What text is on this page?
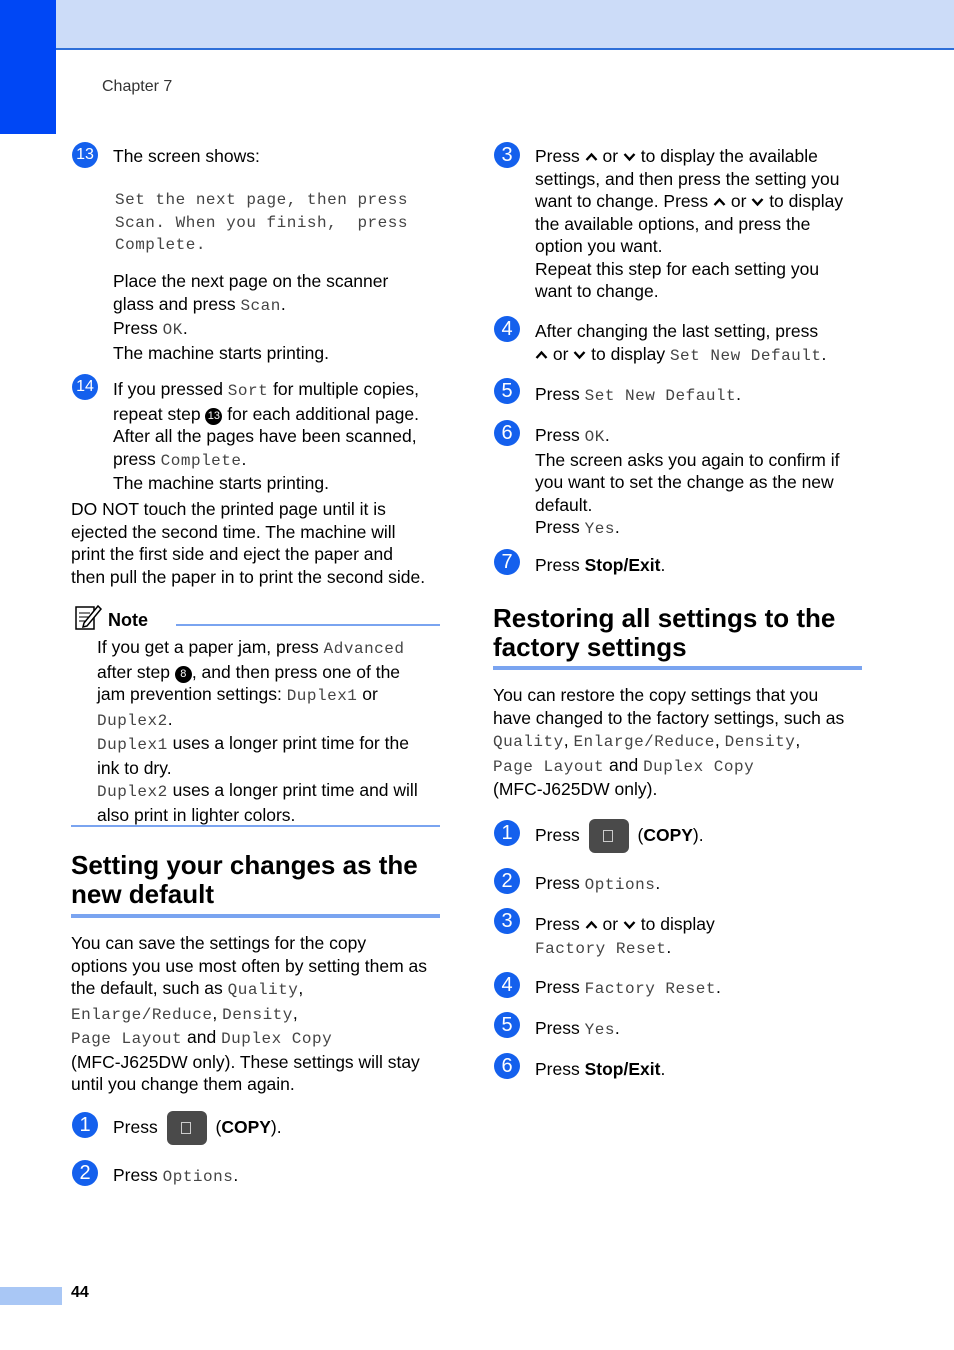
Chapter 7
13 The screen shows:
Set the next page, then press
Scan. When you finish,  press
Complete.
Place the next page on the scanner
glass and press Scan.
Press OK.
The machine starts printing.
14 If you pressed Sort for multiple copies,
repeat step 13 for each additional page.
After all the pages have been scanned,
press Complete.
The machine starts printing.
DO NOT touch the printed page until it is
ejected the second time. The machine will
print the first side and eject the paper and
then pull the paper in to print the second side.
Note
If you get a paper jam, press Advanced
after step 8 , and then press one of the
jam prevention settings: Duplex1 or
Duplex2.
Duplex1 uses a longer print time for the
ink to dry.
Duplex2 uses a longer print time and will
also print in lighter colors.
Setting your changes as the
new default
You can save the settings for the copy
options you use most often by setting them as
the default, such as Quality,
Enlarge/Reduce, Density,
Page Layout and Duplex Copy
(MFC-J625DW only). These settings will stay
until you change them again.
1	Press	(COPY).
2	Press Options.
3	Press  or  to display the available
settings, and then press the setting you
want to change. Press  or  to display
the available options, and press the
option you want.
Repeat this step for each setting you
want to change.
4	After changing the last setting, press
or  to display Set New Default.
5	Press Set New Default.
6	Press OK.
The screen asks you again to confirm if
you want to set the change as the new
default.
Press Yes.
7	Press Stop/Exit.
Restoring all settings to the
factory settings
You can restore the copy settings that you
have changed to the factory settings, such as
Quality, Enlarge/Reduce, Density,
Page Layout and Duplex Copy
(MFC-J625DW only).
1	Press	(COPY).
2	Press Options.
3	Press  or  to display
Factory Reset.
4	Press Factory Reset.
5	Press Yes.
6	Press Stop/Exit.
44
